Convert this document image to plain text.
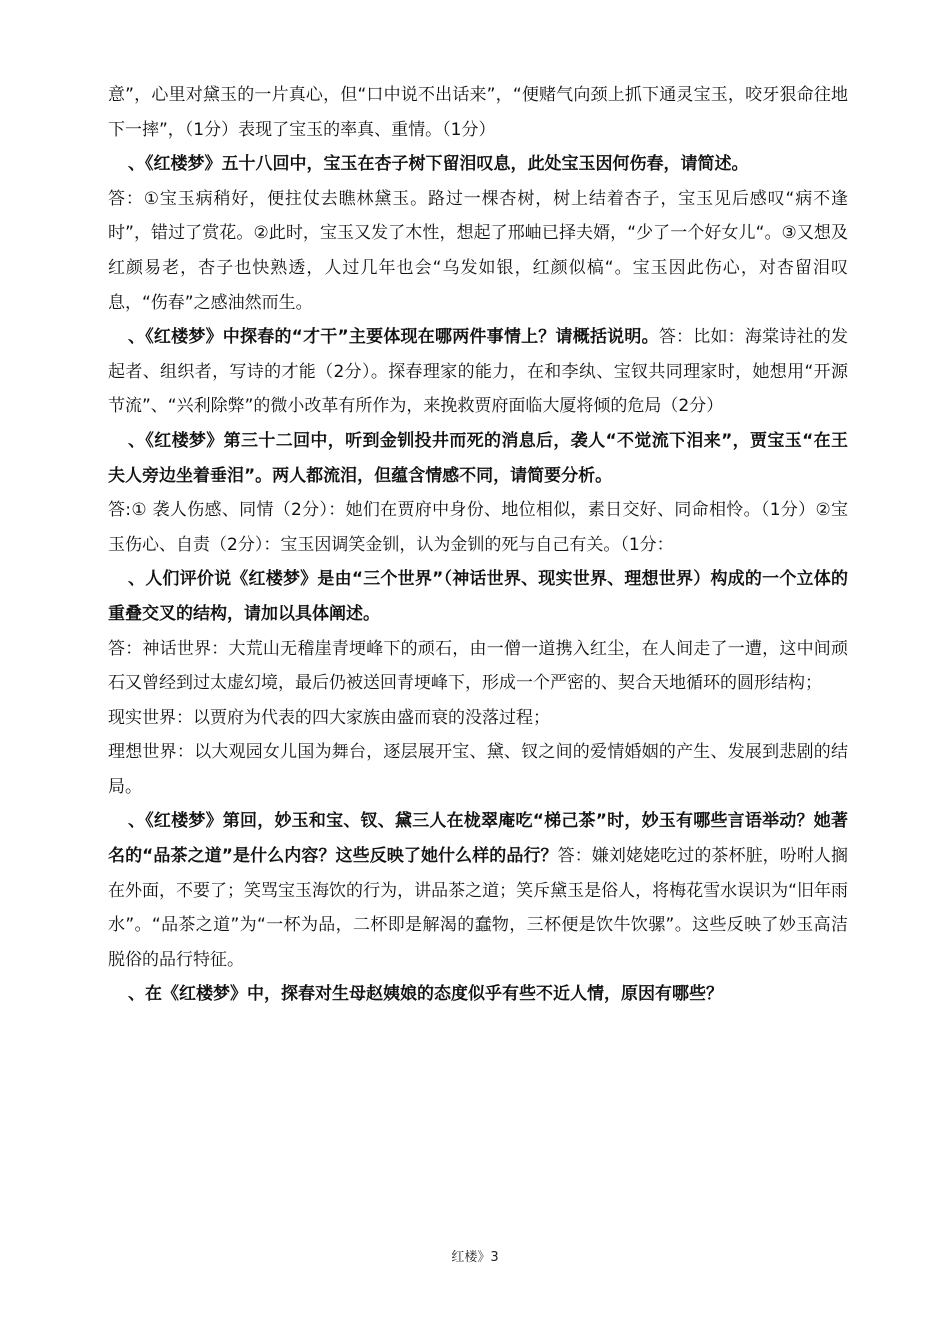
意”，心里对黛玉的一片真心，但“口中说不出话来”，“便赌气向颈上抓下通灵宝玉，咬牙狠命往地下一摔”，（1分）表现了宝玉的率真、重情。（1分）

、《红楼梦》五十八回中，宝玉在杏子树下留泪叹息，此处宝玉因何伤春，请简述。

答：①宝玉病稍好，便拄仗去瞧林黛玉。路过一棵杏树，树上结着杏子，宝玉见后感叹“病不逢时”，错过了赏花。②此时，宝玉又发了木性，想起了邢岫已择夫婿，“少了一个好女儿“。③又想及红颜易老，杏子也快熟透，人过几年也会“乌发如银，红颜似槁“。宝玉因此伤心，对杏留泪叹息，“伤春”之感油然而生。

、《红楼梦》中探春的“才干”主要体现在哪两件事情上？请概括说明。答：比如：海棠诗社的发起者、组织者，写诗的才能（2分）。探春理家的能力，在和李纨、宝钗共同理家时，她想用“开源节流”、“兴利除弊”的微小改革有所作为，来挽救贾府面临大厦将倾的危局（2分）

、《红楼梦》第三十二回中，听到金钏投井而死的消息后，袭人“不觉流下泪来”，贾宝玉“在王夫人旁边坐着垂泪”。两人都流泪，但蕴含情感不同，请简要分析。

答:① 袭人伤感、同情（2分）：她们在贾府中身份、地位相似，素日交好、同命相怜。（1分）②宝玉伤心、自责（2分）：宝玉因调笑金钏，认为金钏的死与自己有关。（1分：

、人们评价说《红楼梦》是由“三个世界”（神话世界、现实世界、理想世界）构成的一个立体的重叠交叉的结构，请加以具体阐述。

答：神话世界：大荒山无稽崖青埂峰下的顽石，由一僧一道携入红尘，在人间走了一遭，这中间顽石又曾经到过太虚幻境，最后仍被送回青埂峰下，形成一个严密的、契合天地循环的圆形结构；

现实世界：以贾府为代表的四大家族由盛而衰的没落过程；

理想世界：以大观园女儿国为舞台，逐层展开宝、黛、钗之间的爱情婚姻的产生、发展到悲剧的结局。

、《红楼梦》第回，妙玉和宝、钗、黛三人在栊翠庵吃“梯己茶”时，妙玉有哪些言语举动？她著名的“品茶之道”是什么内容？这些反映了她什么样的品行？答：嫌刘姥姥吃过的茶杯脏，吩咐人搁在外面，不要了；笑骂宝玉海饮的行为，讲品茶之道；笑斥黛玉是俗人，将梅花雪水误识为“旧年雨水”。“品茶之道”为“一杯为品，二杯即是解渴的蠢物，三杯便是饮牛饮骡”。这些反映了妙玉高洁脱俗的品行特征。

、在《红楼梦》中，探春对生母赵姨娘的态度似乎有些不近人情，原因有哪些？

红楼》3
